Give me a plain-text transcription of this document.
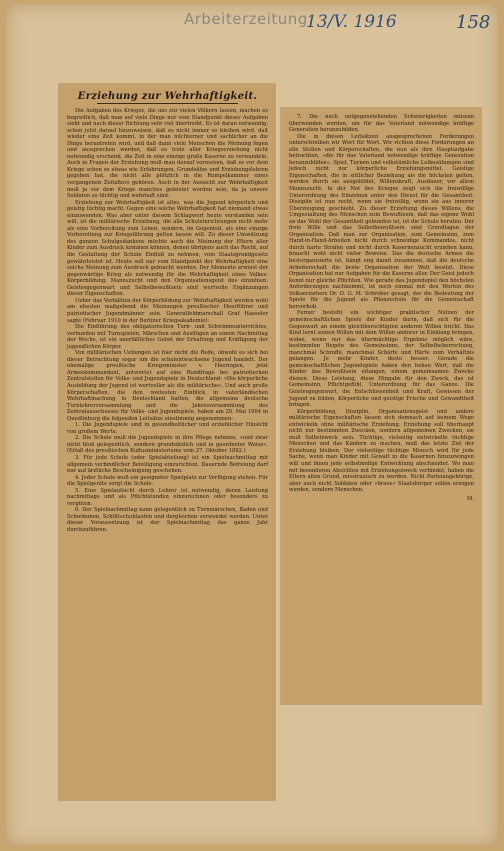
Arbeiterzeitung
13/V. 1916	158

Erziehung zur Wehrhaftigkeit.

Die Aufgaben des Krieges, die uns zur vielen Völkern lassen, machen es begreiflich, daß man auf viele Dinge nur vom Standpunkt dieser Aufgaben sieht und nach dieser Richtung sehr viel übertreibt. Es ist daran notwendig, schon jetzt darauf hinzuweisen, daß es nicht immer so bleiben wird, daß wieder eine Zeit kommt, in der man nüchterner und sachlicher an die Dinge herantreten wird, und daß dann viele Menschen die Meinung fegen und aussprechen werden, daß es trotz aller Kriegserziehung nicht notwendig erscheint, die Zeit in eine einzige große Kaserne zu verwandeln. Auch in Fragen der Erziehung muß man darauf verweisen, daß es vor dem Kriege schon so etwas wie Erfahrungen, Grundsätze und Erziehungslehren gegeben hat, die nicht alle plötzlich in die Rumpelkammer eines vergangenen Zeitalters gehören. Auch in der Aussicht zur Wehrhaftigkeit muß ja vor dem Kriege manches geleistet worden sein, da ja unsere Soldaten so tüchtig und wehrhaft sind.

Erziehung zur Wehrhaftigkeit ist alles, was die Jugend körperlich und geistig tüchtig macht. Gegen eine solche Wehrhaftigkeit hat niemand etwas einzuwenden. Was aber unter diesem Schlagwort heute verstanden sein will, ist die militärische Erziehung, die alle Schuleinrichtungen nicht mehr als eine Vorbereitung zum Leben, sondern, im Gegenteil, als eine einzige Vorbereitung zur Kriegsführung gelten lassen will. Zu dieser Umwälzung des ganzen Schulgedankens möchte auch die Meinung der Eltern aller Kinder zum Ausdruck kommen können, denen übrigens auch das Recht, auf die Gestaltung der Schule Einfluß zu nehmen, vom Staatsgrundgesetz gewährleistet ist. Heute soll nur vom Standpunkt der Wehrhaftigkeit eine solche Meinung zum Ausdruck gebracht werden. Der Momente erweist der gegenwärtige Krieg als notwendig für die Wehrhaftigkeit eines Volkes: Körperbildung, Mannszucht und den Organisationsgeist des einzelnen. Geistesgegenwart und Selbstbewußtsein sind wertvolle Ergänzungen dieser Eigenschaften.

Ueber das Verhältnis der Körperbildung zur Wehrhaftigkeit werden wohl am ehesten maßgebend die Meinungen preußischer Heerführer und patriotischer Jugendmänner sein. Generalfeldmarschall Graf Haeseler sagte (Februar 1910 in der Berliner Kriegsakademie):

Die Einführung des obligatorischen Turn- und Schwimmunterrichtes, verbunden mit Turnspielen, Märschen und Ausflügen an einem Nachmittag der Woche, ist ein unerläßliches Gebot der Erhaltung und Kräftigung der jugendlichen Körper.

Von militärischen Uebungen ist hier nicht die Rede, obwohl es sich bei dieser Betrachtung sogar um die schulentwachsene Jugend handelt. Der ehemalige preußische Kriegsminister v. Heeringen, jetzt Armeekommandant, antwortet auf eine Rundfrage bei patriotischen Zentralstellen für Volks- und Jugendspiele in Deutschland: »Die körperliche Ausbildung der Jugend ist wertvoller als die militärische«. Und auch große Körperschaften, die den weitesten Einblick in vaterländischen Wehrhaftmachung in Deutschland hatten, die allgemeine deutsche Turnlehrerversammlung und die Jahresversammlung des Zentralausschusses für Volks- und Jugendspiele, haben am 20. Mai 1904 in Quedlinburg die folgenden Leitsätze einstimmig angenommen:

1. Die Jugendspiele sind in gesundheitlicher und erziehlicher Hinsicht von großem Werte.

2. Die Schule muß die Jugendspiele in ihre Pflege nehmen, »und zwar nicht bloß gelegentlich, sondern grundsätzlich und in geordneter Weise«. (Erlaß des preußischen Kultusministeriums vom 27. Oktober 1882.)

3. Für jede Schule (oder Spielabteilung) ist ein Spielnachmittag mit allgemein verbindlicher Beteiligung einzurichten. Dauernde Befreiung darf nur auf ärztliche Bescheinigung geschehen.

4. Jeder Schule muß ein geeigneter Spielplatz zur Verfügung stehen. Für die Spielgeräte sorgt die Schule.

5. Eine Spielaufsicht durch Lehrer ist notwendig, deren Leistung nachmittags und als Pflichtstunden einzurechnen oder besonders zu vergüten.

6. Der Spielnachmittag kann gelegentlich zu Turnmärschen, Baden und Schwimmen, Schlittschuhlaufen und dergleichen verwendet werden. Unter dieser Voraussetzung ist der Spielnachmittag das ganze Jahr durchzuführen.

7. Die noch entgegenstehenden Schwierigkeiten müssen überwunden werden, um für das Vaterland notwendige kräftige Generation heranzubilden.

Die in diesen Leitsätzen ausgesprochenen Forderungen unterschreiben wir Wort für Wort. Wir richten diese Forderungen an alle Stellen und Körperschaften, die nun als ihre Hauptaufgabe betrachten, »die für das Vaterland notwendige kräftige Generation heranzubilden«. Spiel, Turnen und volkstümliche Leibesübungen sind jedoch nicht nur körperliche Erziehungsmittel. Geistige Eigenschaften, die in sittlicher Beziehung als die höchsten gelten, werden durch sie ausgebildet, Willenskraft, Ausdauer, vor allem Mannszucht. In der Not des Krieges zeigt sich die freiwillige Unterordnung des Einzelnen unter den Dienst für die Gesamtheit. Disziplin ist nun recht, wenn sie freiwillig, wenn sie aus innerer Überzeugung geschieht. Zu dieser Erziehung dieses Willens, die Umgestaltung des Menschen zum Bewußtsein, daß das eigene Wohl an das Wohl der Gesamtheit gebunden ist, ist die Schule berufen. Der freie Wille und das Selbstbewußtsein sind Grundlagen der Organisation. Daß man zur Organisation, zum Gemeinsinn, zum Hand-in-Hand-Arbeiten nicht durch schneidige Kommandos, nicht durch harte Strafen und nicht durch Kasernenzucht erziehen kann, braucht wohl nicht vieler Beweise. Das die deutsche Armee die bestorganisierte ist, hängt eng damit zusammen, daß die deutsche Arbeiterschaft die beste Organisation der Welt besitzt. Diese Organisation hat nur Aufgaben für die Kaserne aller. Der Geist jedoch kennt nur gleiche Pflichten. Wie gerade das Jugendspiel den höchsten Anforderungen nachkommt, ist noch einmal mit den Worten des Volkserziehers Dr. D. G. M. Schreber gesagt, der die Bedeutung der Spiele für die Jugend als Pflanzschule für die Gemeinschaft hervorhob.

Ferner besteht ein wichtiger praktischer Nutzen der gemeinschaftlichen Spiele der Kinder darin, daß sich für die Gegenwart an einem gleichberechtigten anderen Willen bricht. Das Kind lernt seinen Willen mit dem Willen anderer in Einklang bringen, wobei, wenn nur das übermächtige Ergebnis möglich wäre, bestimmten Regeln des Gemeinsinns, der Selbstbeherrschung, manchmal Schroffe, manchmal Schärfe und Härte zum Verhältnis gelangen. Je mehr Kinder, desto besser. Gerade die gemeinschaftlichen Jugendspiele haben den hohen Wert, daß die Kinder das Bewußtsein erlangen, einem gemeinsamen Zwecke dienen. Diese Leistung, diese Hingabe für den Zweck, das ist Gemeinsinn, Pflichtgefühl, Unterordnung für das Ganze. Die Geistesgegenwart, die Entschlossenheit und Kraft, Gewissen der Jugend zu bilden, Körperliche und geistige Frische und Gewandtheit bringen.

Körperbildung, Disziplin, Organisationsgeist und andere militärische Eigenschaften lassen sich demnach auf keinem Wege entwickeln ohne militärische Erziehung. Erziehung soll überhaupt nicht nur bestimmten Zwecken, sondern allgemeinen Zwecken, sie muß Selbstzweck sein. Tüchtige, vielseitig entwickelte tüchtige Menschen und das Kindern zu machen, muß das letzte Ziel der Erziehung bleiben. Der vielseitige tüchtige Mensch wird für jede Sache, wenn man Kinder mit Gewalt in die Kasernen hinzuzwingen will und ihnen jede selbständige Entwicklung abschneidet. Wo man mit besonderen Absichten mit Erziehungszweck verbindet, haben die Eltern allen Grund, misstrauisch zu werden. Nicht Parteiangehörige, aber auch nicht Soldaten oder »brave« Staatsbürger sollen erzogen werden, sondern Menschen.

M.
